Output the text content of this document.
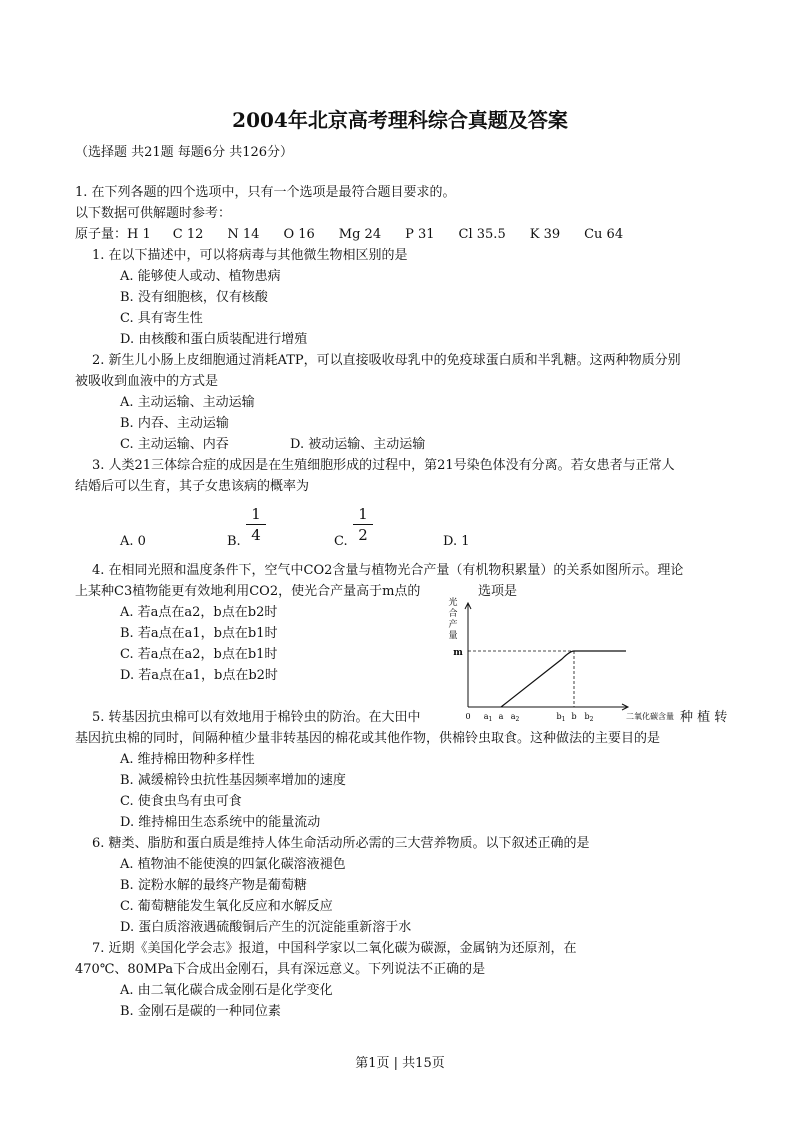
2004年北京高考理科综合真题及答案
（选择题 共21题 每题6分 共126分）
1. 在下列各题的四个选项中，只有一个选项是最符合题目要求的。
以下数据可供解题时参考：
原子量：H 1 C 12 N 14 O 16 Mg 24 P 31 Cl 35.5 K 39 Cu 64
1. 在以下描述中，可以将病毒与其他微生物相区别的是
A. 能够使人或动、植物患病
B. 没有细胞核，仅有核酸
C. 具有寄生性
D. 由核酸和蛋白质装配进行增殖
2. 新生儿小肠上皮细胞通过消耗ATP，可以直接吸收母乳中的免疫球蛋白质和半乳糖。这两种物质分别
被吸收到血液中的方式是
A. 主动运输、主动运输
B. 内吞、主动运输
C. 主动运输、内吞	D. 被动运输、主动运输
3. 人类21三体综合症的成因是在生殖细胞形成的过程中，第21号染色体没有分离。若女患者与正常人
结婚后可以生育，其子女患该病的概率为
A. 0	B.
1
4	C.
1
2	D. 1
4. 在相同光照和温度条件下，空气中CO2含量与植物光合产量（有机物积累量）的关系如图所示。理论
上某种C3植物能更有效地利用CO2，使光合产量高于m点的	选项是
A. 若a点在a2，b点在b2时
B. 若a点在a1，b点在b1时
C. 若a点在a2，b点在b1时
D. 若a点在a1，b点在b2时
光
合
产
量
m
0 $a_1$ a $a_2$	$b_1$ b $b_2$	二氧化碳含量
5. 转基因抗虫棉可以有效地用于棉铃虫的防治。在大田中	种 植 转
基因抗虫棉的同时，间隔种植少量非转基因的棉花或其他作物，供棉铃虫取食。这种做法的主要目的是
A. 维持棉田物种多样性
B. 减缓棉铃虫抗性基因频率增加的速度
C. 使食虫鸟有虫可食
D. 维持棉田生态系统中的能量流动
6. 糖类、脂肪和蛋白质是维持人体生命活动所必需的三大营养物质。以下叙述正确的是
A. 植物油不能使溴的四氯化碳溶液褪色
B. 淀粉水解的最终产物是葡萄糖
C. 葡萄糖能发生氧化反应和水解反应
D. 蛋白质溶液遇硫酸铜后产生的沉淀能重新溶于水
7. 近期《美国化学会志》报道，中国科学家以二氧化碳为碳源，金属钠为还原剂，在
470℃、80MPa下合成出金刚石，具有深远意义。下列说法不正确的是
A. 由二氧化碳合成金刚石是化学变化
B. 金刚石是碳的一种同位素
第1页 | 共15页
